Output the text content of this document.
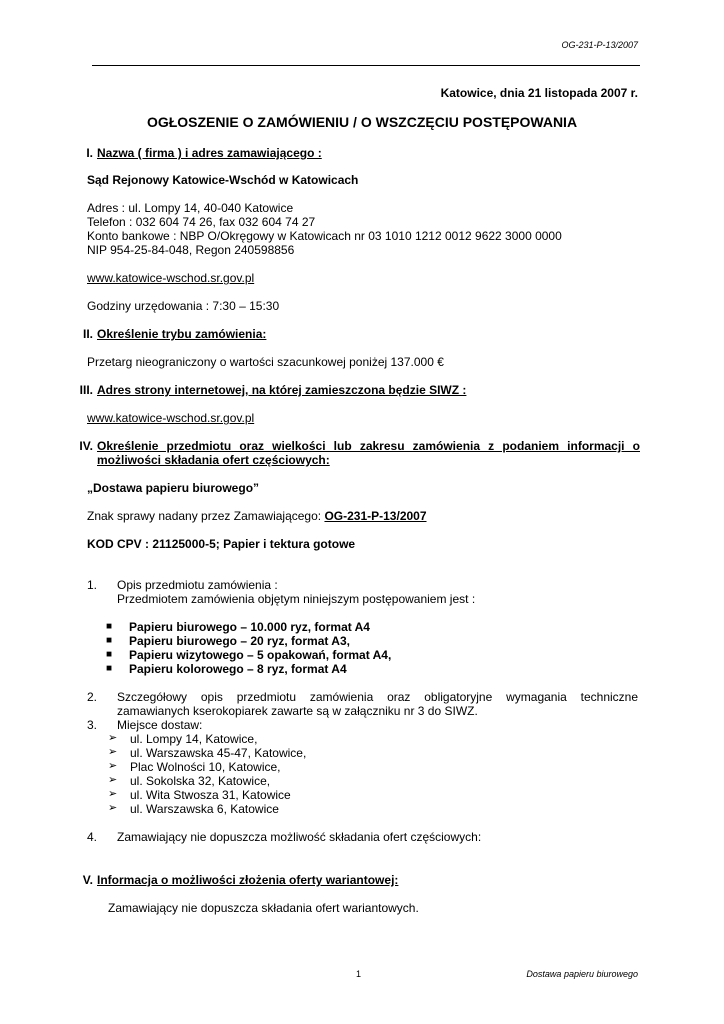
OG-231-P-13/2007
Katowice, dnia 21 listopada 2007 r.
OGŁOSZENIE O ZAMÓWIENIU / O WSZCZĘCIU POSTĘPOWANIA
I. Nazwa ( firma ) i adres zamawiającego :
Sąd Rejonowy Katowice-Wschód w Katowicach
Adres : ul. Lompy 14, 40-040 Katowice
Telefon : 032 604 74 26, fax 032 604 74 27
Konto bankowe : NBP O/Okręgowy w Katowicach nr 03 1010 1212 0012 9622 3000 0000
NIP 954-25-84-048, Regon 240598856
www.katowice-wschod.sr.gov.pl
Godziny urzędowania : 7:30 – 15:30
II. Określenie trybu zamówienia:
Przetarg nieograniczony o wartości szacunkowej poniżej 137.000 €
III. Adres strony internetowej, na której zamieszczona będzie SIWZ :
www.katowice-wschod.sr.gov.pl
IV. Określenie przedmiotu oraz wielkości lub zakresu zamówienia z podaniem informacji o
możliwości składania ofert częściowych:
„Dostawa papieru biurowego”
Znak sprawy nadany przez Zamawiającego: OG-231-P-13/2007
KOD CPV : 21125000-5; Papier i tektura gotowe
1. Opis przedmiotu zamówienia :
Przedmiotem zamówienia objętym niniejszym postępowaniem jest :
■ Papieru biurowego – 10.000 ryz, format A4
■ Papieru biurowego – 20 ryz, format A3,
■ Papieru wizytowego – 5 opakowań, format A4,
■ Papieru kolorowego – 8 ryz, format A4
2. Szczegółowy opis przedmiotu zamówienia oraz obligatoryjne wymagania techniczne
zamawianych kserokopiarek zawarte są w załączniku nr 3 do SIWZ.
3. Miejsce dostaw:
➢ ul. Lompy 14, Katowice,
➢ ul. Warszawska 45-47, Katowice,
➢ Plac Wolności 10, Katowice,
➢ ul. Sokolska 32, Katowice,
➢ ul. Wita Stwosza 31, Katowice
➢ ul. Warszawska 6, Katowice
4. Zamawiający nie dopuszcza możliwość składania ofert częściowych:
V. Informacja o możliwości złożenia oferty wariantowej:
Zamawiający nie dopuszcza składania ofert wariantowych.
1	Dostawa papieru biurowego
